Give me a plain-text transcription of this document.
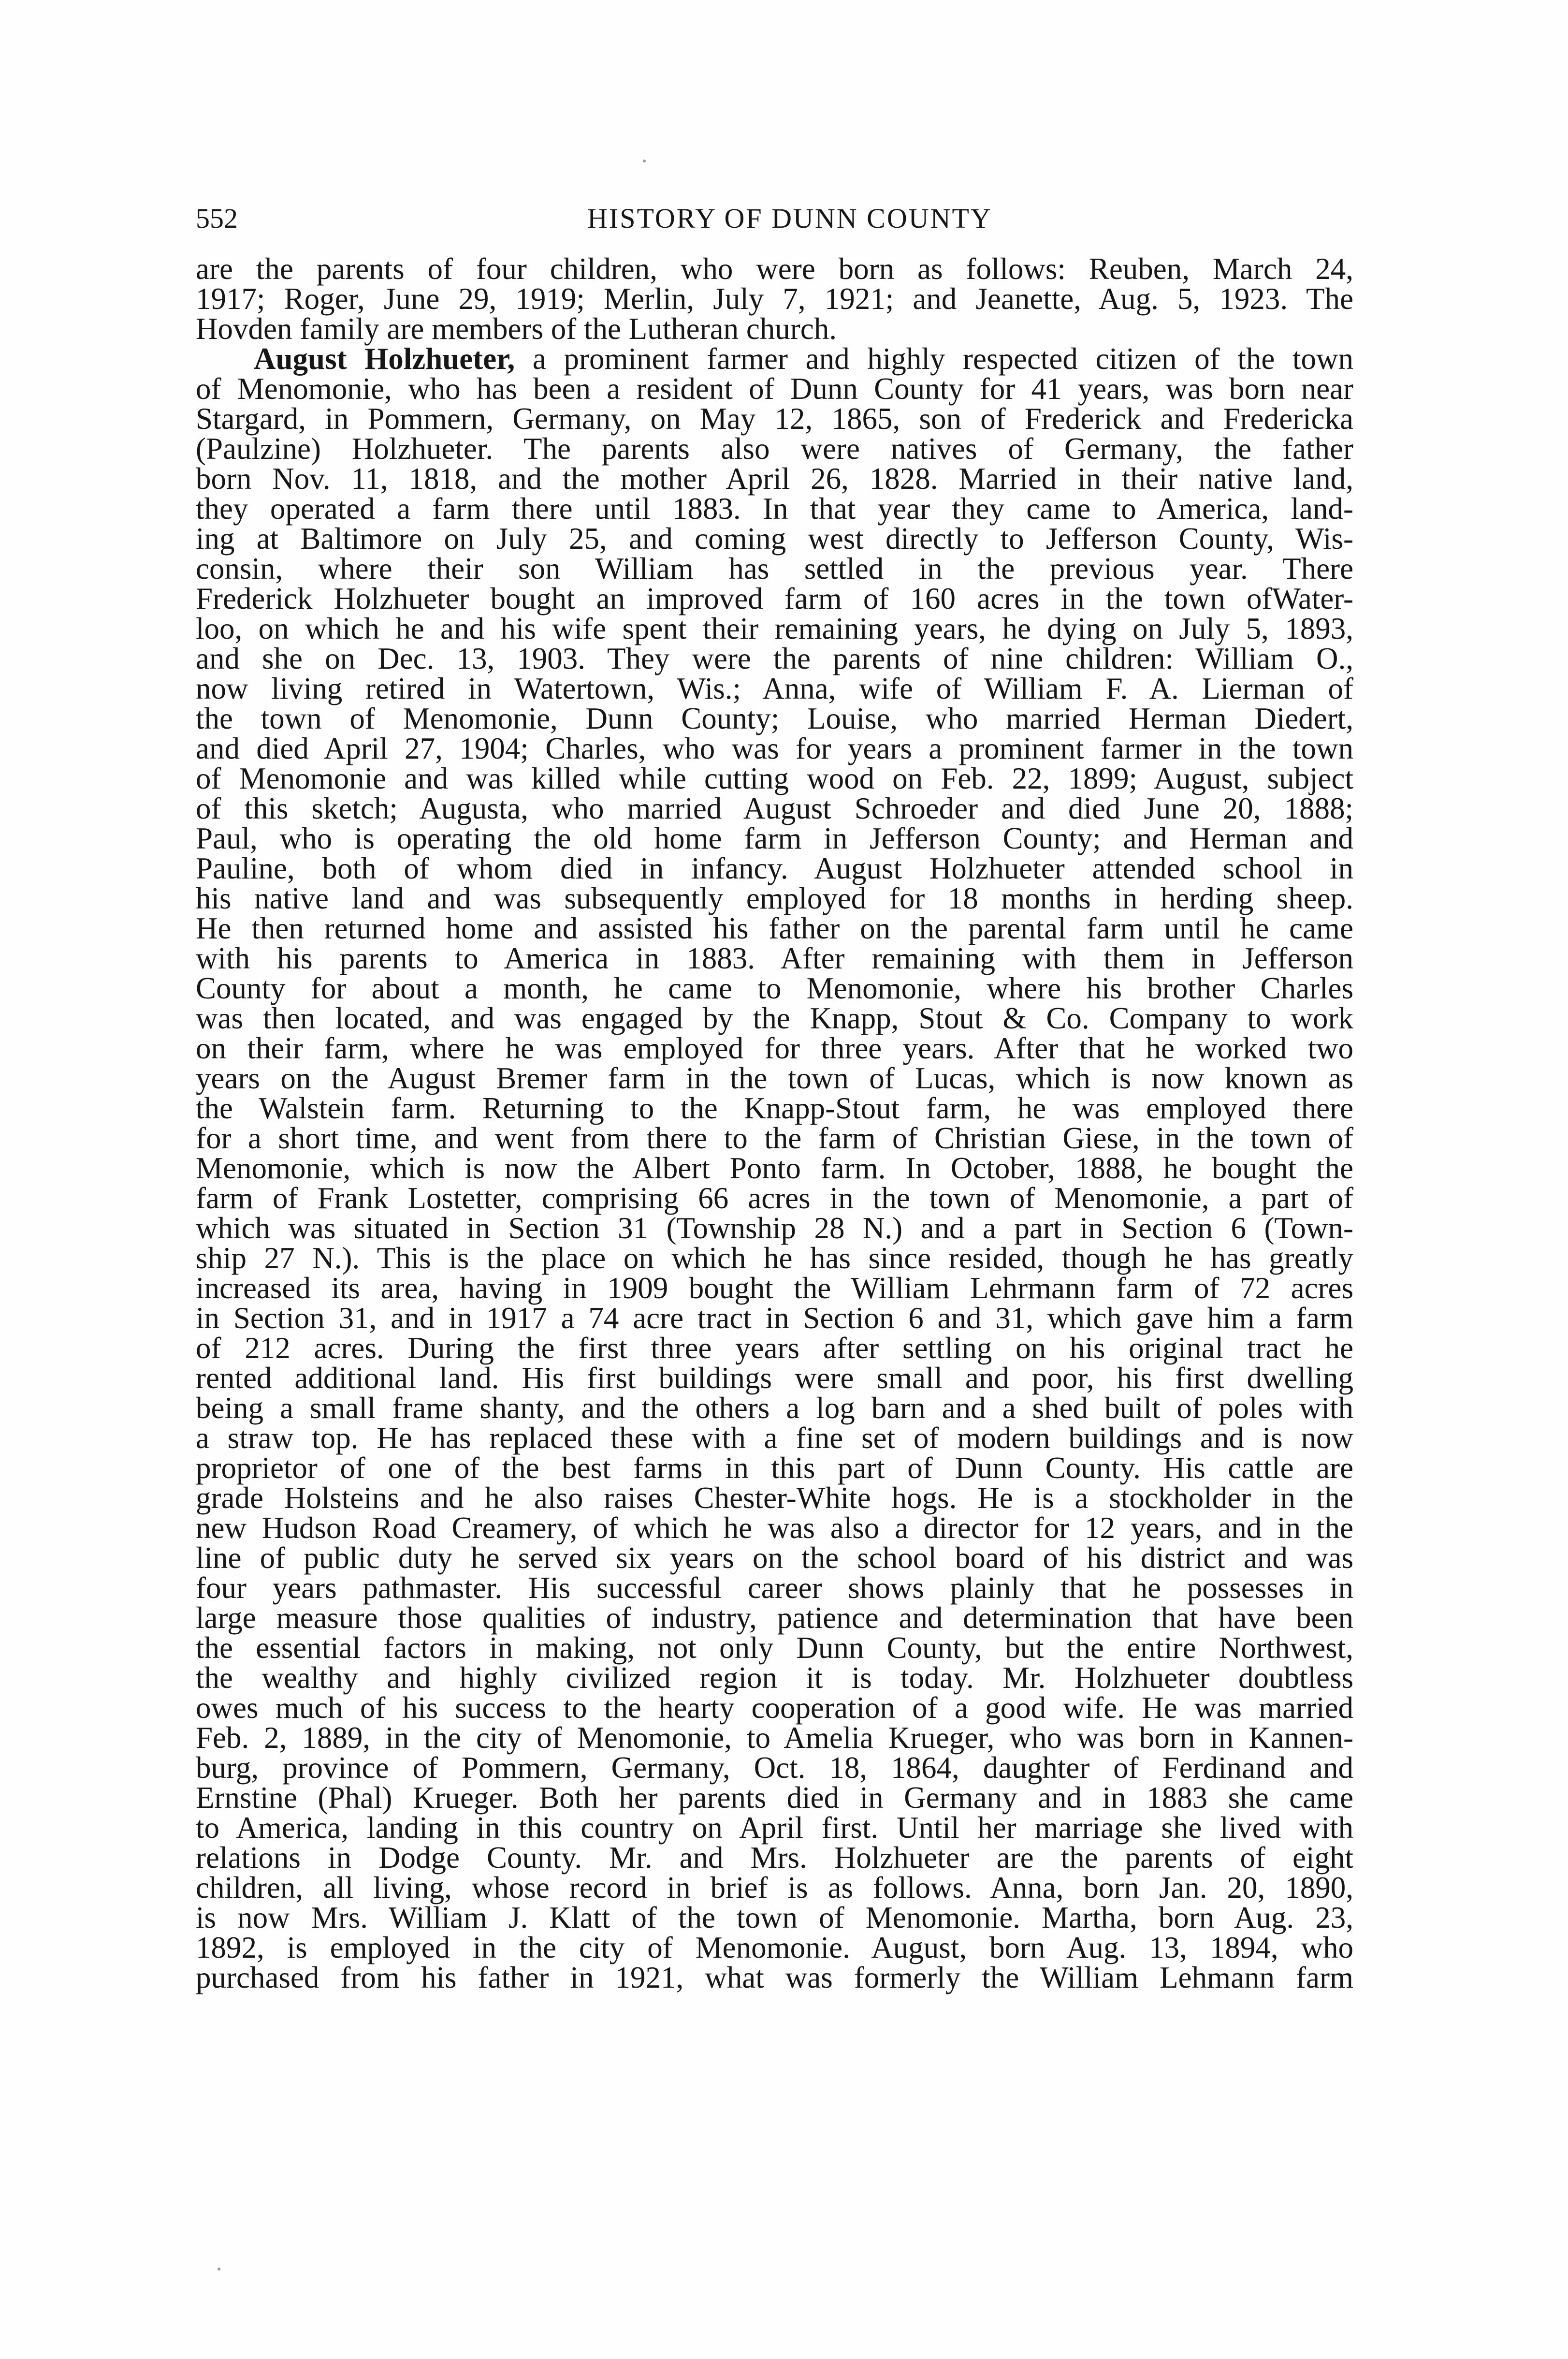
552	HISTORY OF DUNN COUNTY
are the parents of four children, who were born as follows: Reuben, March 24,
1917; Roger, June 29, 1919; Merlin, July 7, 1921; and Jeanette, Aug. 5, 1923. The
Hovden family are members of the Lutheran church.
August Holzhueter, a prominent farmer and highly respected citizen of the town
of Menomonie, who has been a resident of Dunn County for 41 years, was born near
Stargard, in Pommern, Germany, on May 12, 1865, son of Frederick and Fredericka
(Paulzine) Holzhueter. The parents also were natives of Germany, the father
born Nov. 11, 1818, and the mother April 26, 1828. Married in their native land,
they operated a farm there until 1883. In that year they came to America, land-
ing at Baltimore on July 25, and coming west directly to Jefferson County, Wis-
consin, where their son William has settled in the previous year. There
Frederick Holzhueter bought an improved farm of 160 acres in the town ofWater-
loo, on which he and his wife spent their remaining years, he dying on July 5, 1893,
and she on Dec. 13, 1903. They were the parents of nine children: William O.,
now living retired in Watertown, Wis.; Anna, wife of William F. A. Lierman of
the town of Menomonie, Dunn County; Louise, who married Herman Diedert,
and died April 27, 1904; Charles, who was for years a prominent farmer in the town
of Menomonie and was killed while cutting wood on Feb. 22, 1899; August, subject
of this sketch; Augusta, who married August Schroeder and died June 20, 1888;
Paul, who is operating the old home farm in Jefferson County; and Herman and
Pauline, both of whom died in infancy. August Holzhueter attended school in
his native land and was subsequently employed for 18 months in herding sheep.
He then returned home and assisted his father on the parental farm until he came
with his parents to America in 1883. After remaining with them in Jefferson
County for about a month, he came to Menomonie, where his brother Charles
was then located, and was engaged by the Knapp, Stout & Co. Company to work
on their farm, where he was employed for three years. After that he worked two
years on the August Bremer farm in the town of Lucas, which is now known as
the Walstein farm. Returning to the Knapp-Stout farm, he was employed there
for a short time, and went from there to the farm of Christian Giese, in the town of
Menomonie, which is now the Albert Ponto farm. In October, 1888, he bought the
farm of Frank Lostetter, comprising 66 acres in the town of Menomonie, a part of
which was situated in Section 31 (Township 28 N.) and a part in Section 6 (Town-
ship 27 N.). This is the place on which he has since resided, though he has greatly
increased its area, having in 1909 bought the William Lehrmann farm of 72 acres
in Section 31, and in 1917 a 74 acre tract in Section 6 and 31, which gave him a farm
of 212 acres. During the first three years after settling on his original tract he
rented additional land. His first buildings were small and poor, his first dwelling
being a small frame shanty, and the others a log barn and a shed built of poles with
a straw top. He has replaced these with a fine set of modern buildings and is now
proprietor of one of the best farms in this part of Dunn County. His cattle are
grade Holsteins and he also raises Chester-White hogs. He is a stockholder in the
new Hudson Road Creamery, of which he was also a director for 12 years, and in the
line of public duty he served six years on the school board of his district and was
four years pathmaster. His successful career shows plainly that he possesses in
large measure those qualities of industry, patience and determination that have been
the essential factors in making, not only Dunn County, but the entire Northwest,
the wealthy and highly civilized region it is today. Mr. Holzhueter doubtless
owes much of his success to the hearty cooperation of a good wife. He was married
Feb. 2, 1889, in the city of Menomonie, to Amelia Krueger, who was born in Kannen-
burg, province of Pommern, Germany, Oct. 18, 1864, daughter of Ferdinand and
Ernstine (Phal) Krueger. Both her parents died in Germany and in 1883 she came
to America, landing in this country on April first. Until her marriage she lived with
relations in Dodge County. Mr. and Mrs. Holzhueter are the parents of eight
children, all living, whose record in brief is as follows. Anna, born Jan. 20, 1890,
is now Mrs. William J. Klatt of the town of Menomonie. Martha, born Aug. 23,
1892, is employed in the city of Menomonie. August, born Aug. 13, 1894, who
purchased from his father in 1921, what was formerly the William Lehmann farm
